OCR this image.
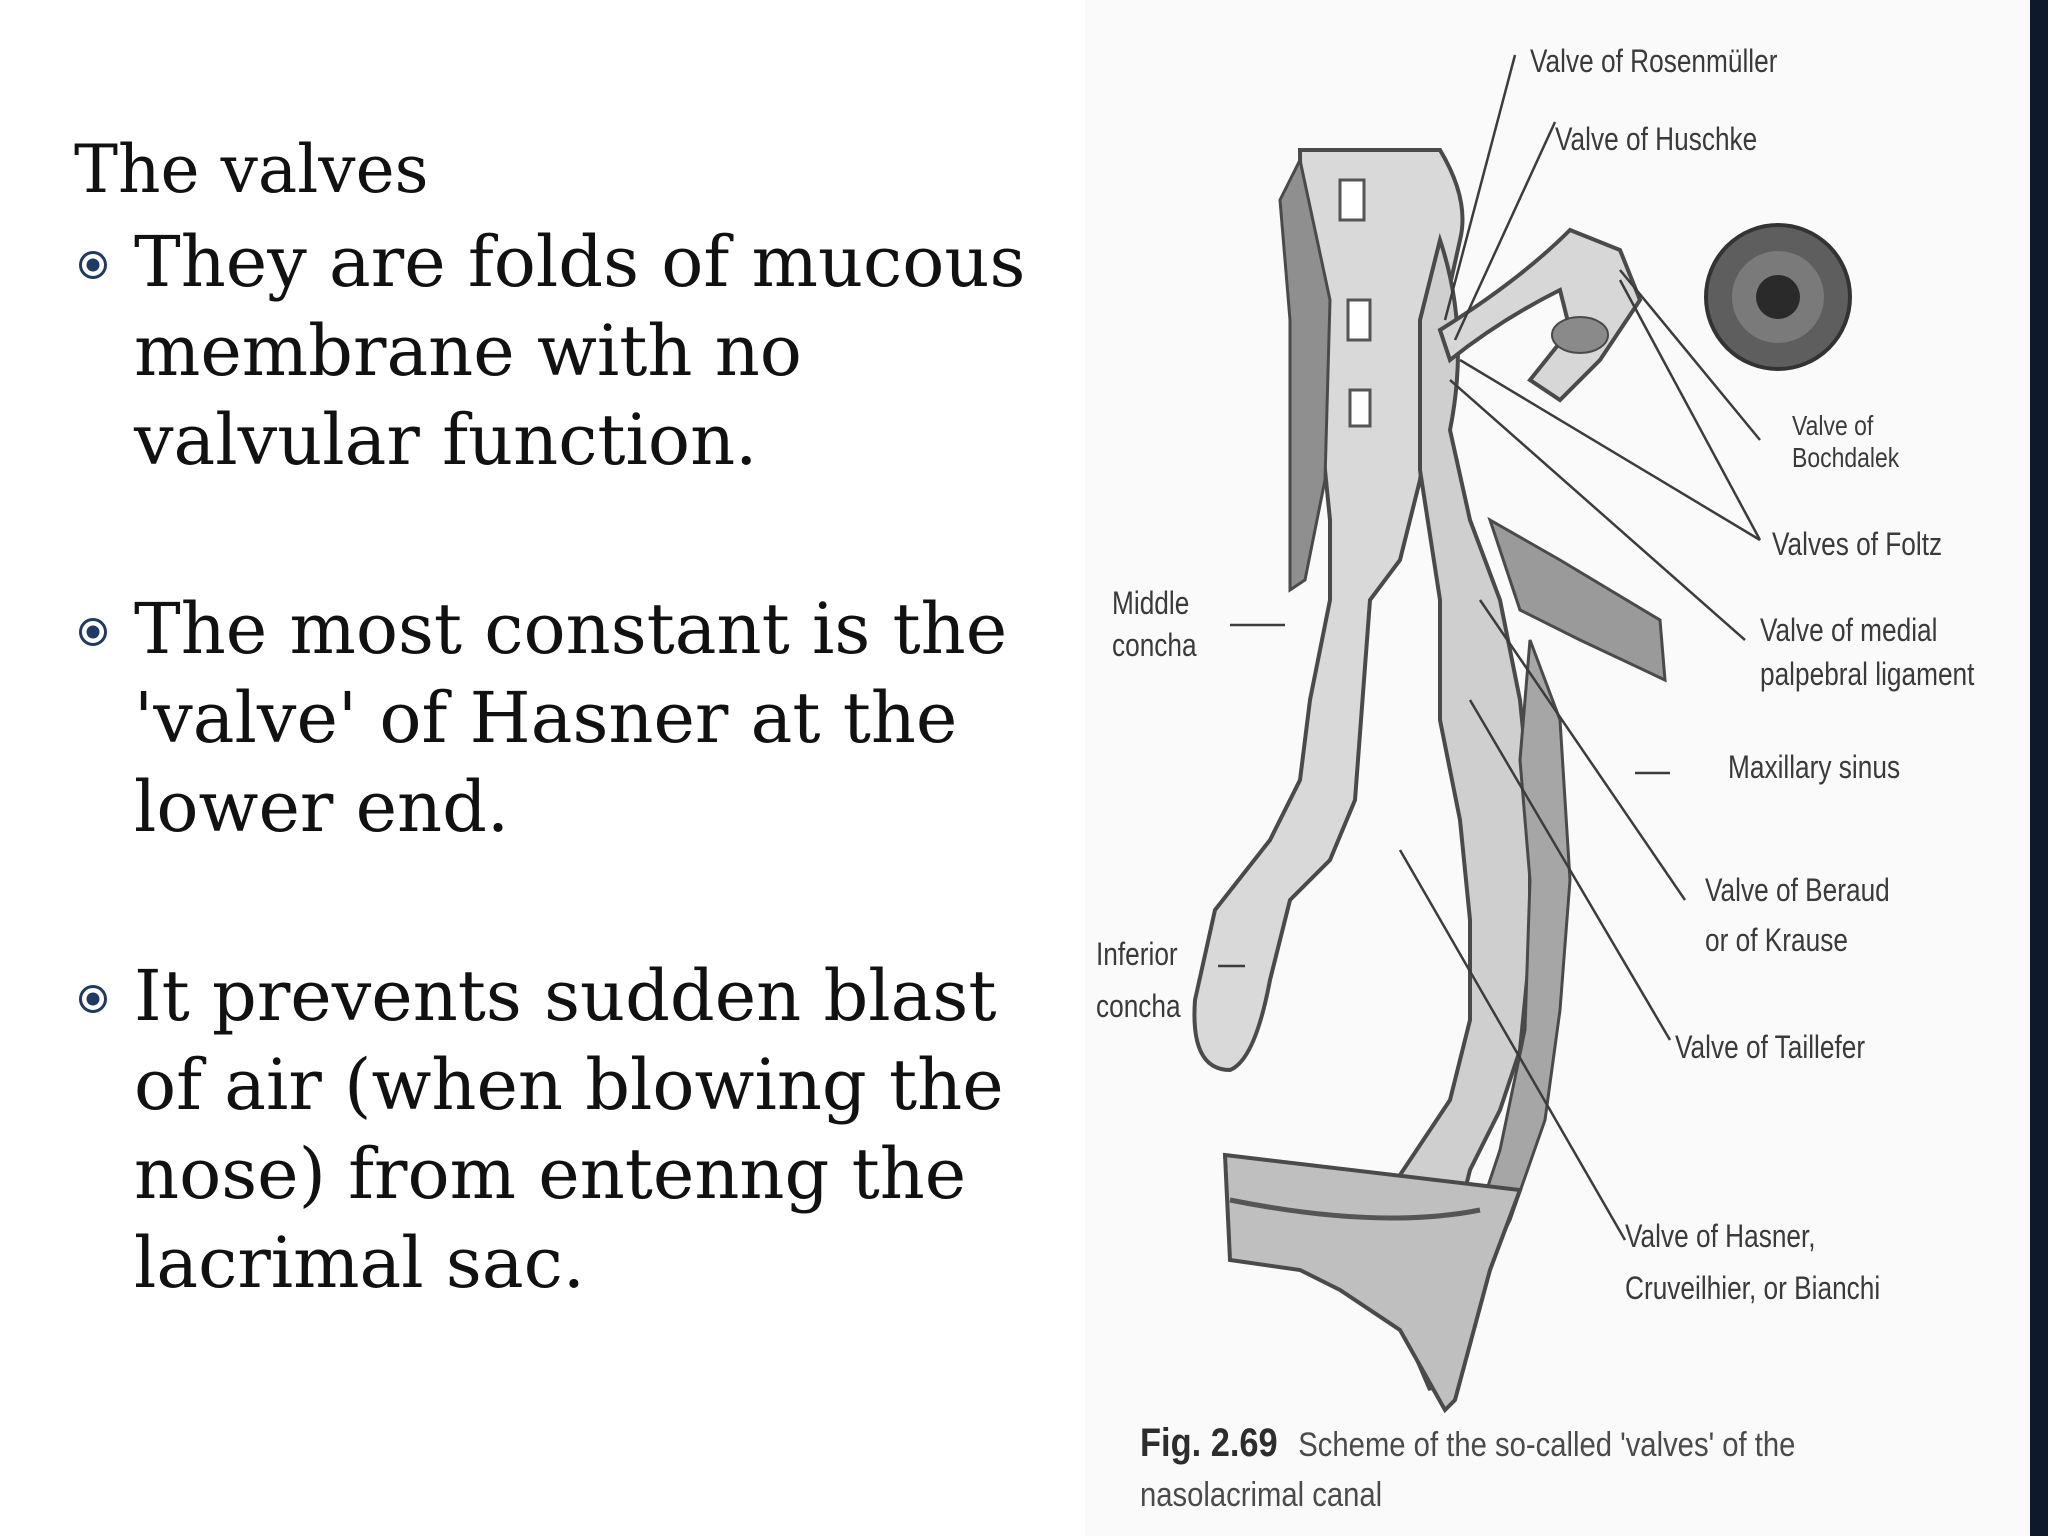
The valves
They are folds of mucous membrane with no valvular function.
The most constant is the 'valve' of Hasner at the lower end.
It prevents sudden blast of air (when blowing the nose) from entenng the lacrimal sac.
Valve of Rosenmüller
Valve of Huschke
Valve of
Bochdalek
Valves of Foltz
Valve of medial
palpebral ligament
Middle
concha
Maxillary sinus
Valve of Beraud
or of Krause
Inferior
concha
Valve of Taillefer
Valve of Hasner,
Cruveilhier, or Bianchi
Fig. 2.69 Scheme of the so-called 'valves' of the nasolacrimal canal
